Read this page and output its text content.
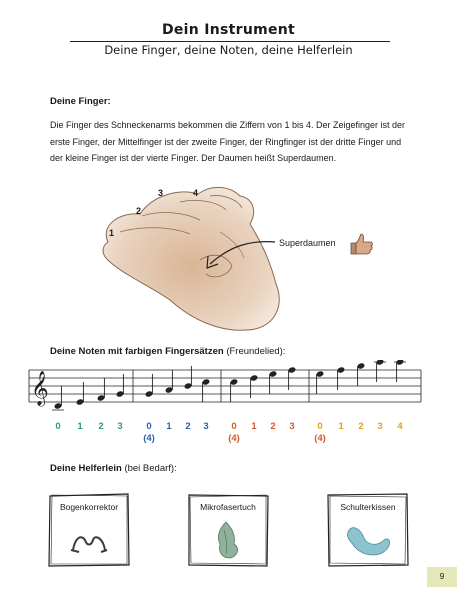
Dein Instrument
Deine Finger, deine Noten, deine Helferlein
Deine Finger:
Die Finger des Schneckenarms bekommen die Ziffern von 1 bis 4. Der Zeigefinger ist der erste Finger, der Mittelfinger ist der zweite Finger, der Ringfinger ist der dritte Finger und der kleine Finger ist der vierte Finger. Der Daumen heißt Superdaumen.
1
2
3	4
Superdaumen
Deine Noten mit farbigen Fingersätzen (Freundelied):
𝄞
0 1 2 3 0 1 2 3 0 1 2 3 0 1 2 3 4
(4)	(4)	(4)
Deine Helferlein (bei Bedarf):
Bogenkorrektor	Mikrofasertuch	Schulterkissen
9
